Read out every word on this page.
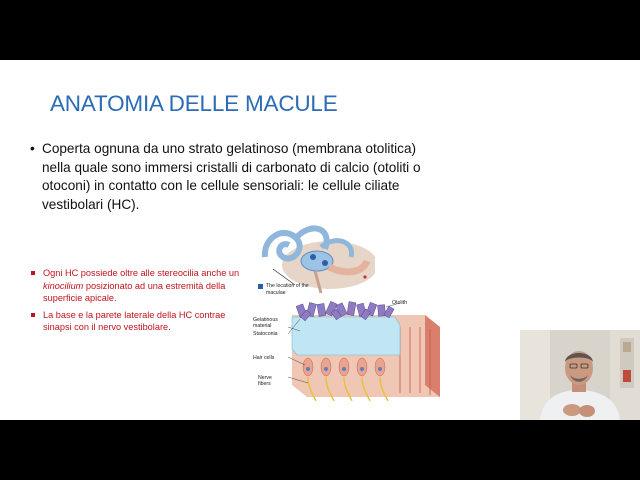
ANATOMIA DELLE MACULE
• Coperta ognuna da uno strato gelatinoso (membrana otolitica) nella quale sono immersi cristalli di carbonato di calcio (otoliti o otoconi) in contatto con le cellule sensoriali: le cellule ciliate vestibolari (HC).
Ogni HC possiede oltre alle stereocilia anche un kinocilium posizionato ad una estremità della superficie apicale.
La base e la parete laterale della HC contrae sinapsi con il nervo vestibolare.
The location of the maculae
Otolith
Gelatinous material
Statoconia
Hair cells
Nerve fibers
